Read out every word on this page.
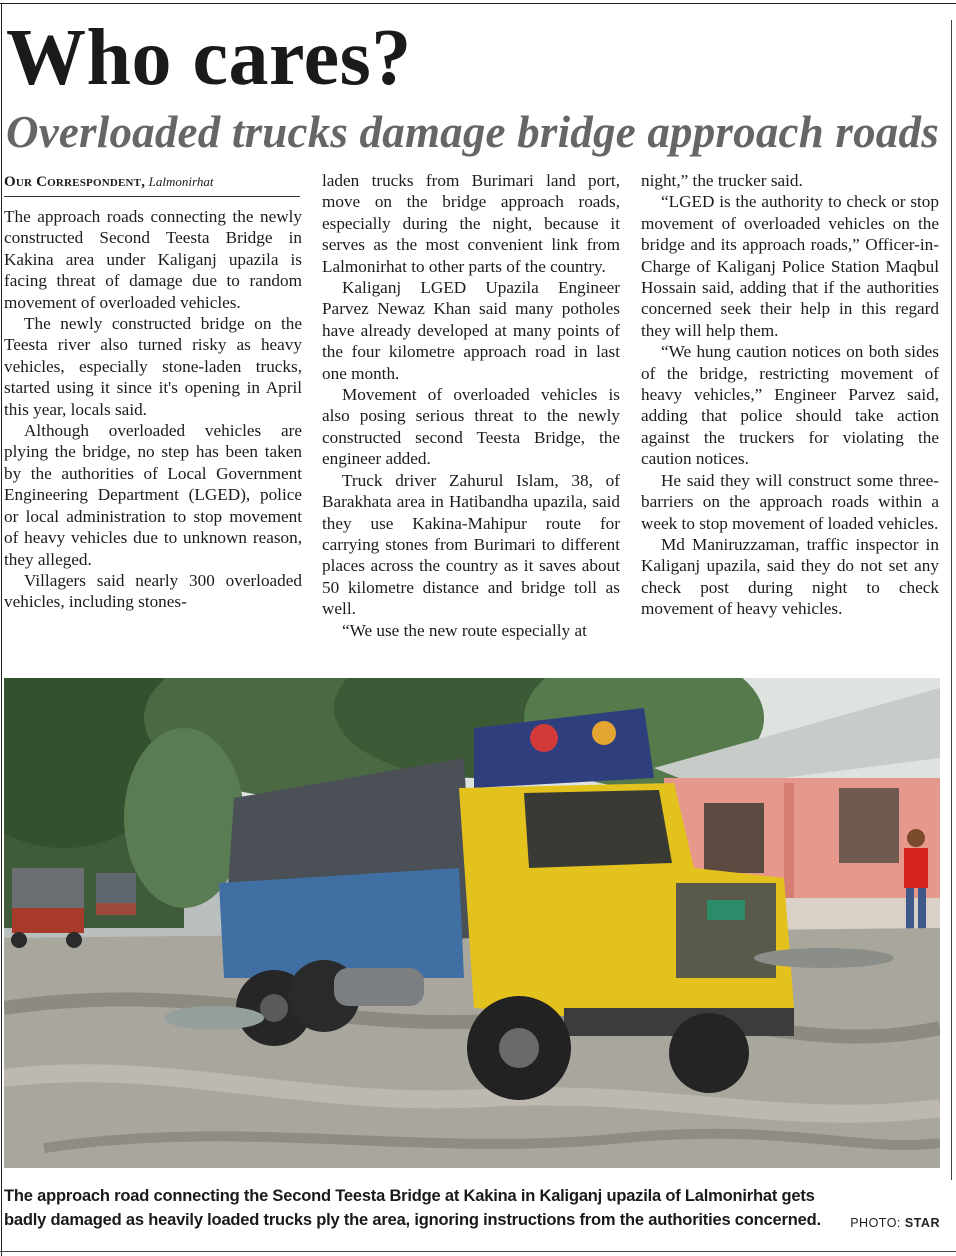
Who cares?
Overloaded trucks damage bridge approach roads
Our Correspondent, Lalmonirhat

The approach roads connecting the newly constructed Second Teesta Bridge in Kakina area under Kaliganj upazila is facing threat of damage due to random movement of overloaded vehicles.

The newly constructed bridge on the Teesta river also turned risky as heavy vehicles, especially stone-laden trucks, started using it since it's opening in April this year, locals said.

Although overloaded vehicles are plying the bridge, no step has been taken by the authorities of Local Government Engineering Department (LGED), police or local administration to stop movement of heavy vehicles due to unknown reason, they alleged.

Villagers said nearly 300 overloaded vehicles, including stones-

laden trucks from Burimari land port, move on the bridge approach roads, especially during the night, because it serves as the most convenient link from Lalmonirhat to other parts of the country.

Kaliganj LGED Upazila Engineer Parvez Newaz Khan said many potholes have already developed at many points of the four kilometre approach road in last one month.

Movement of overloaded vehicles is also posing serious threat to the newly constructed second Teesta Bridge, the engineer added.

Truck driver Zahurul Islam, 38, of Barakhata area in Hatibandha upazila, said they use Kakina-Mahipur route for carrying stones from Burimari to different places across the country as it saves about 50 kilometre distance and bridge toll as well.

“We use the new route especially at

night,” the trucker said.

“LGED is the authority to check or stop movement of overloaded vehicles on the bridge and its approach roads,” Officer-in-Charge of Kaliganj Police Station Maqbul Hossain said, adding that if the authorities concerned seek their help in this regard they will help them.

“We hung caution notices on both sides of the bridge, restricting movement of heavy vehicles,” Engineer Parvez said, adding that police should take action against the truckers for violating the caution notices.

He said they will construct some three-barriers on the approach roads within a week to stop movement of loaded vehicles.

Md Maniruzzaman, traffic inspector in Kaliganj upazila, said they do not set any check post during night to check movement of heavy vehicles.

The approach road connecting the Second Teesta Bridge at Kakina in Kaliganj upazila of Lalmonirhat gets badly damaged as heavily loaded trucks ply the area, ignoring instructions from the authorities concerned.	PHOTO: STAR
